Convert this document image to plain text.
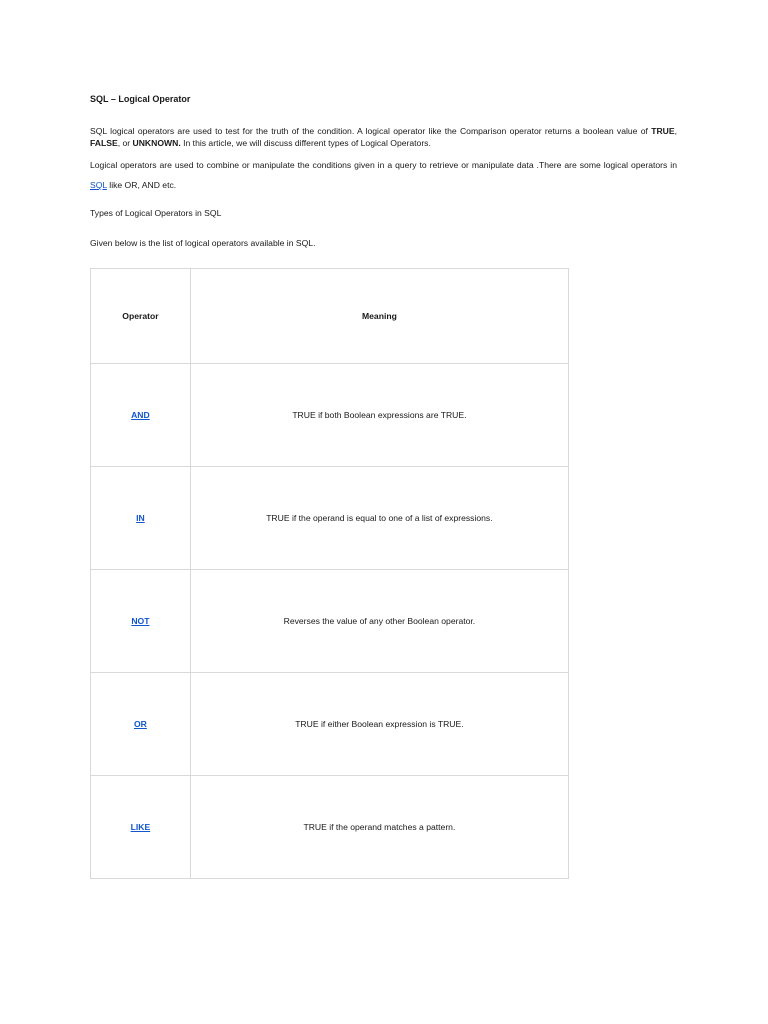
SQL – Logical Operator

SQL logical operators are used to test for the truth of the condition. A logical operator like the Comparison operator returns a boolean value of TRUE, FALSE, or UNKNOWN. In this article, we will discuss different types of Logical Operators.

Logical operators are used to combine or manipulate the conditions given in a query to retrieve or manipulate data .There are some logical operators in SQL like OR, AND etc.

Types of Logical Operators in SQL

Given below is the list of logical operators available in SQL.

Operator	Meaning
AND	TRUE if both Boolean expressions are TRUE.
IN	TRUE if the operand is equal to one of a list of expressions.
NOT	Reverses the value of any other Boolean operator.
OR	TRUE if either Boolean expression is TRUE.
LIKE	TRUE if the operand matches a pattern.
